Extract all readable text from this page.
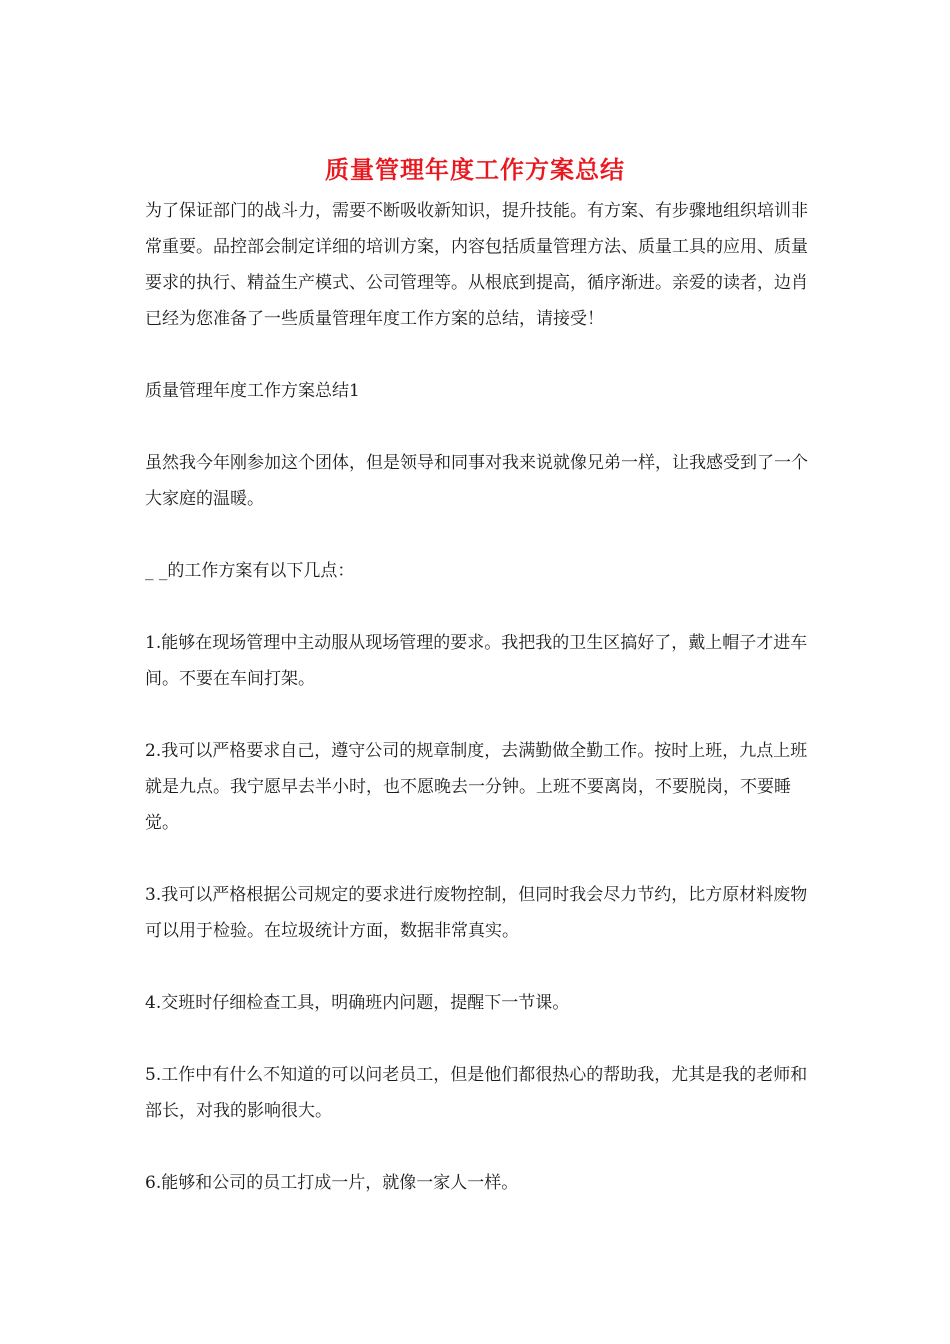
质量管理年度工作方案总结

为了保证部门的战斗力，需要不断吸收新知识，提升技能。有方案、有步骤地组织培训非常重要。品控部会制定详细的培训方案，内容包括质量管理方法、质量工具的应用、质量要求的执行、精益生产模式、公司管理等。从根底到提高，循序渐进。亲爱的读者，边肖已经为您准备了一些质量管理年度工作方案的总结，请接受！

质量管理年度工作方案总结1

虽然我今年刚参加这个团体，但是领导和同事对我来说就像兄弟一样，让我感受到了一个大家庭的温暖。

_ _的工作方案有以下几点：

1.能够在现场管理中主动服从现场管理的要求。我把我的卫生区搞好了，戴上帽子才进车间。不要在车间打架。

2.我可以严格要求自己，遵守公司的规章制度，去满勤做全勤工作。按时上班，九点上班就是九点。我宁愿早去半小时，也不愿晚去一分钟。上班不要离岗，不要脱岗，不要睡觉。

3.我可以严格根据公司规定的要求进行废物控制，但同时我会尽力节约，比方原材料废物可以用于检验。在垃圾统计方面，数据非常真实。

4.交班时仔细检查工具，明确班内问题，提醒下一节课。

5.工作中有什么不知道的可以问老员工，但是他们都很热心的帮助我，尤其是我的老师和部长，对我的影响很大。

6.能够和公司的员工打成一片，就像一家人一样。
